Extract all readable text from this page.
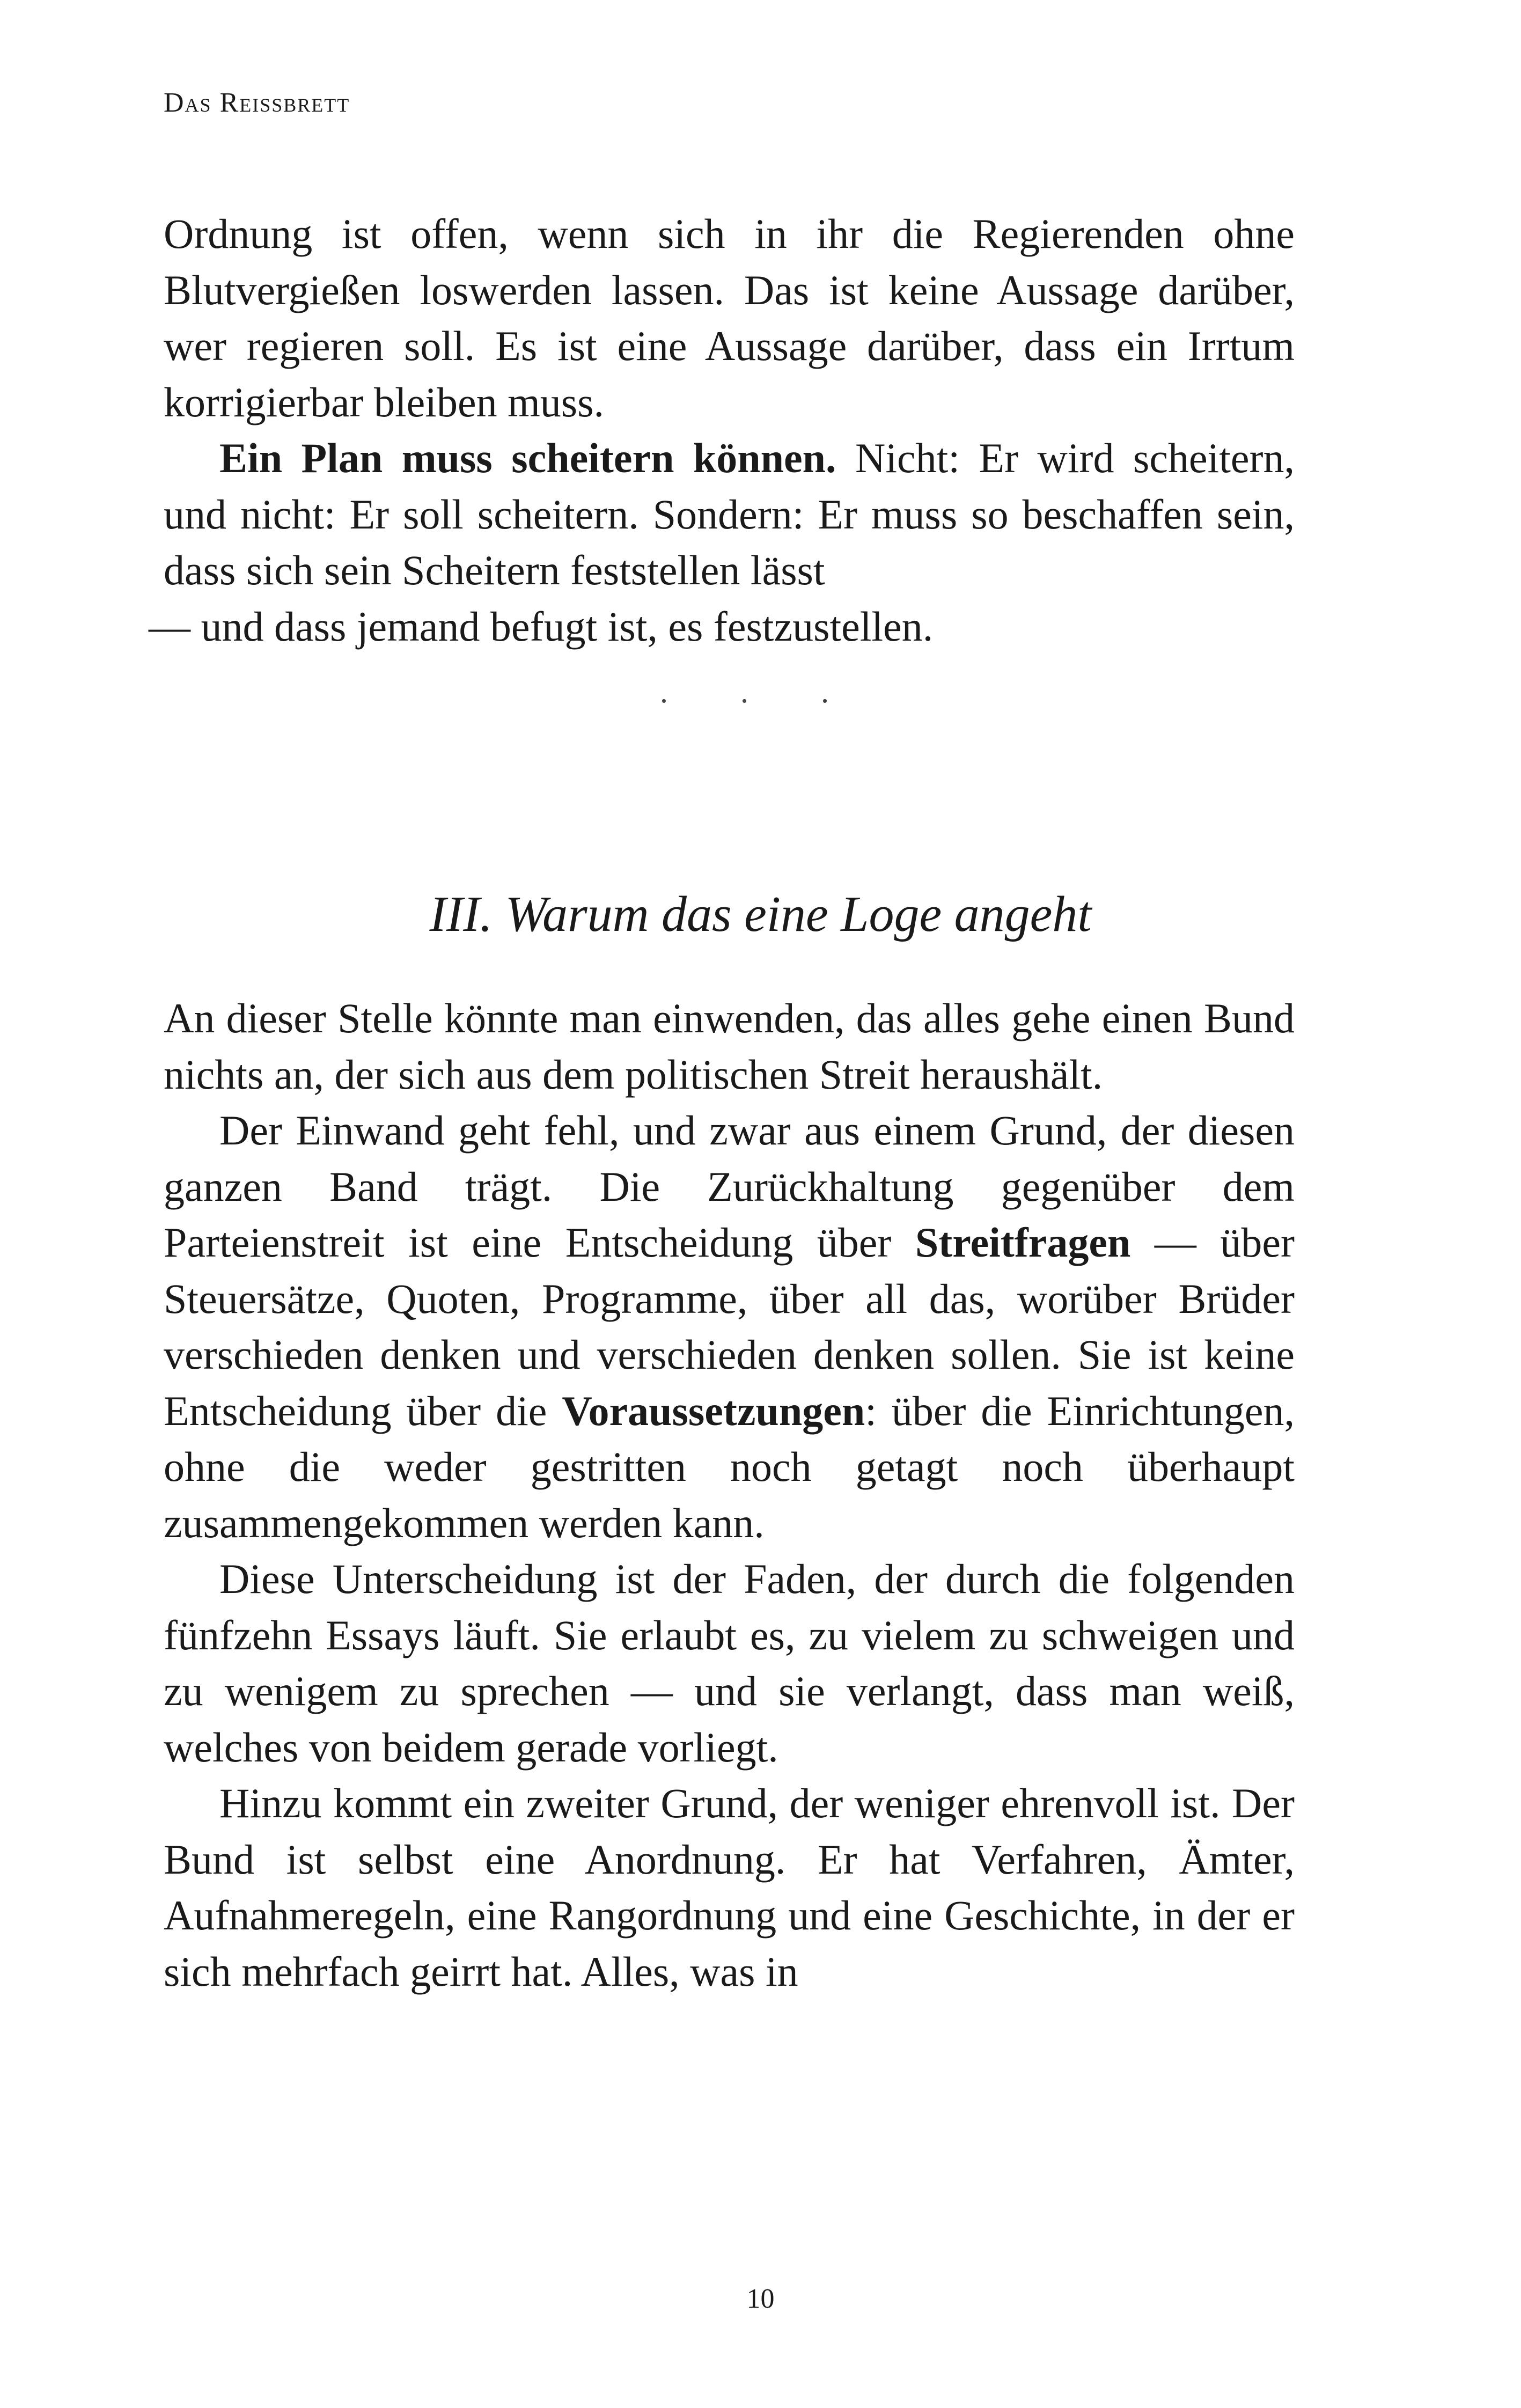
Das Reissbrett

Ordnung ist offen, wenn sich in ihr die Regierenden ohne Blutvergießen loswerden lassen. Das ist keine Aussage darüber, wer regieren soll. Es ist eine Aussage darüber, dass ein Irrtum korrigierbar bleiben muss.

Ein Plan muss scheitern können. Nicht: Er wird scheitern, und nicht: Er soll scheitern. Sondern: Er muss so beschaffen sein, dass sich sein Scheitern feststellen lässt

— und dass jemand befugt ist, es festzustellen.

. . .
III. Warum das eine Loge angeht

An dieser Stelle könnte man einwenden, das alles gehe einen Bund nichts an, der sich aus dem politischen Streit heraushält.

Der Einwand geht fehl, und zwar aus einem Grund, der diesen ganzen Band trägt. Die Zurückhaltung gegenüber dem Parteienstreit ist eine Entscheidung über Streitfragen — über Steuersätze, Quoten, Programme, über all das, worüber Brüder verschieden denken und verschieden denken sollen. Sie ist keine Entscheidung über die Voraussetzungen: über die Einrichtungen, ohne die weder gestritten noch getagt noch überhaupt zusammengekommen werden kann.

Diese Unterscheidung ist der Faden, der durch die folgenden fünfzehn Essays läuft. Sie erlaubt es, zu vielem zu schweigen und zu wenigem zu sprechen — und sie verlangt, dass man weiß, welches von beidem gerade vorliegt.

Hinzu kommt ein zweiter Grund, der weniger ehrenvoll ist. Der Bund ist selbst eine Anordnung. Er hat Verfahren, Ämter, Aufnahmeregeln, eine Rangordnung und eine Geschichte, in der er sich mehrfach geirrt hat. Alles, was in

10
